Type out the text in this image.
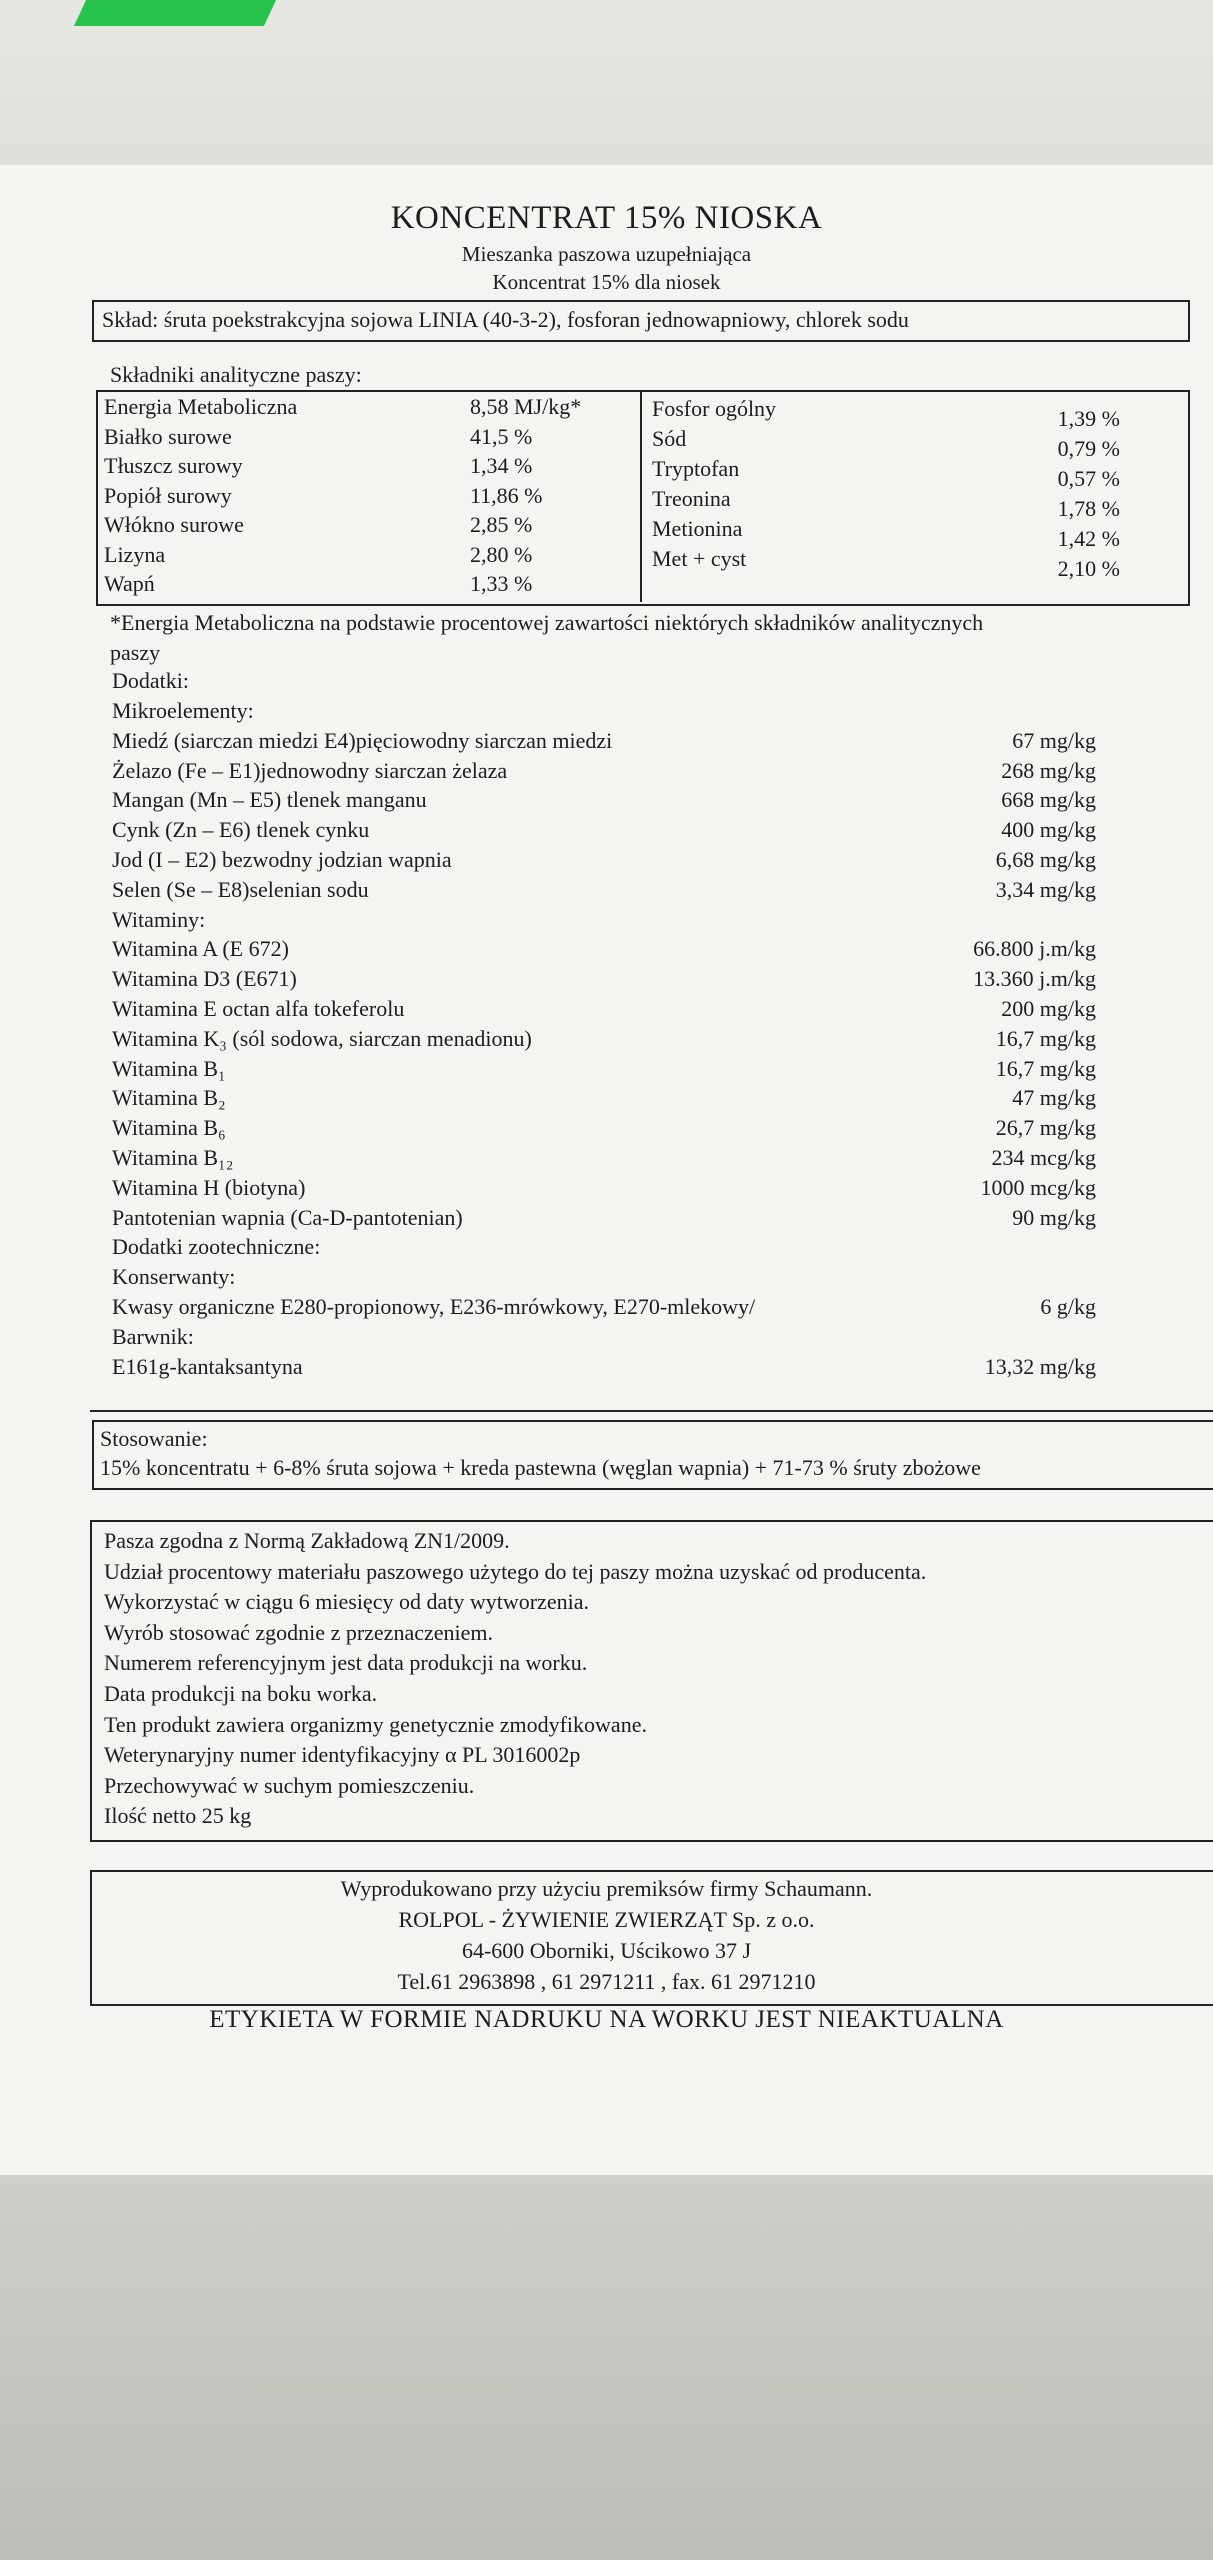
KONCENTRAT 15% NIOSKA
Mieszanka paszowa uzupełniająca
Koncentrat 15% dla niosek
Skład: śruta poekstrakcyjna sojowa LINIA (40-3-2), fosforan jednowapniowy, chlorek sodu
Składniki analityczne paszy:
Energia Metaboliczna	8,58 MJ/kg*
Białko surowe	41,5 %
Tłuszcz surowy	1,34 %
Popiół surowy	11,86 %
Włókno surowe	2,85 %
Lizyna	2,80 %
Wapń	1,33 %
Fosfor ogólny	1,39 %
Sód	0,79 %
Tryptofan	0,57 %
Treonina	1,78 %
Metionina	1,42 %
Met + cyst	2,10 %
*Energia Metaboliczna na podstawie procentowej zawartości niektórych składników analitycznych
paszy
Dodatki:
Mikroelementy:
Miedź (siarczan miedzi E4)pięciowodny siarczan miedzi	67 mg/kg
Żelazo (Fe – E1)jednowodny siarczan żelaza	268 mg/kg
Mangan (Mn – E5) tlenek manganu	668 mg/kg
Cynk (Zn – E6) tlenek cynku	400 mg/kg
Jod (I – E2) bezwodny jodzian wapnia	6,68 mg/kg
Selen (Se – E8)selenian sodu	3,34 mg/kg
Witaminy:
Witamina A (E 672)	66.800 j.m/kg
Witamina D3 (E671)	13.360 j.m/kg
Witamina E octan alfa tokeferolu	200 mg/kg
Witamina K₃ (sól sodowa, siarczan menadionu)	16,7 mg/kg
Witamina B₁	16,7 mg/kg
Witamina B₂	47 mg/kg
Witamina B₆	26,7 mg/kg
Witamina B₁₂	234 mcg/kg
Witamina H (biotyna)	1000 mcg/kg
Pantotenian wapnia (Ca-D-pantotenian)	90 mg/kg
Dodatki zootechniczne:
Konserwanty:
Kwasy organiczne E280-propionowy, E236-mrówkowy, E270-mlekowy/	6 g/kg
Barwnik:
E161g-kantaksantyna	13,32 mg/kg
Stosowanie:
15% koncentratu + 6-8% śruta sojowa + kreda pastewna (węglan wapnia) + 71-73 % śruty zbożowe
Pasza zgodna z Normą Zakładową ZN1/2009.
Udział procentowy materiału paszowego użytego do tej paszy można uzyskać od producenta.
Wykorzystać w ciągu 6 miesięcy od daty wytworzenia.
Wyrób stosować zgodnie z przeznaczeniem.
Numerem referencyjnym jest data produkcji na worku.
Data produkcji na boku worka.
Ten produkt zawiera organizmy genetycznie zmodyfikowane.
Weterynaryjny numer identyfikacyjny α PL 3016002p
Przechowywać w suchym pomieszczeniu.
Ilość netto 25 kg
Wyprodukowano przy użyciu premiksów firmy Schaumann.
ROLPOL - ŻYWIENIE ZWIERZĄT Sp. z o.o.
64-600 Oborniki, Uścikowo 37 J
Tel.61 2963898 , 61 2971211 , fax. 61 2971210
ETYKIETA W FORMIE NADRUKU NA WORKU JEST NIEAKTUALNA
